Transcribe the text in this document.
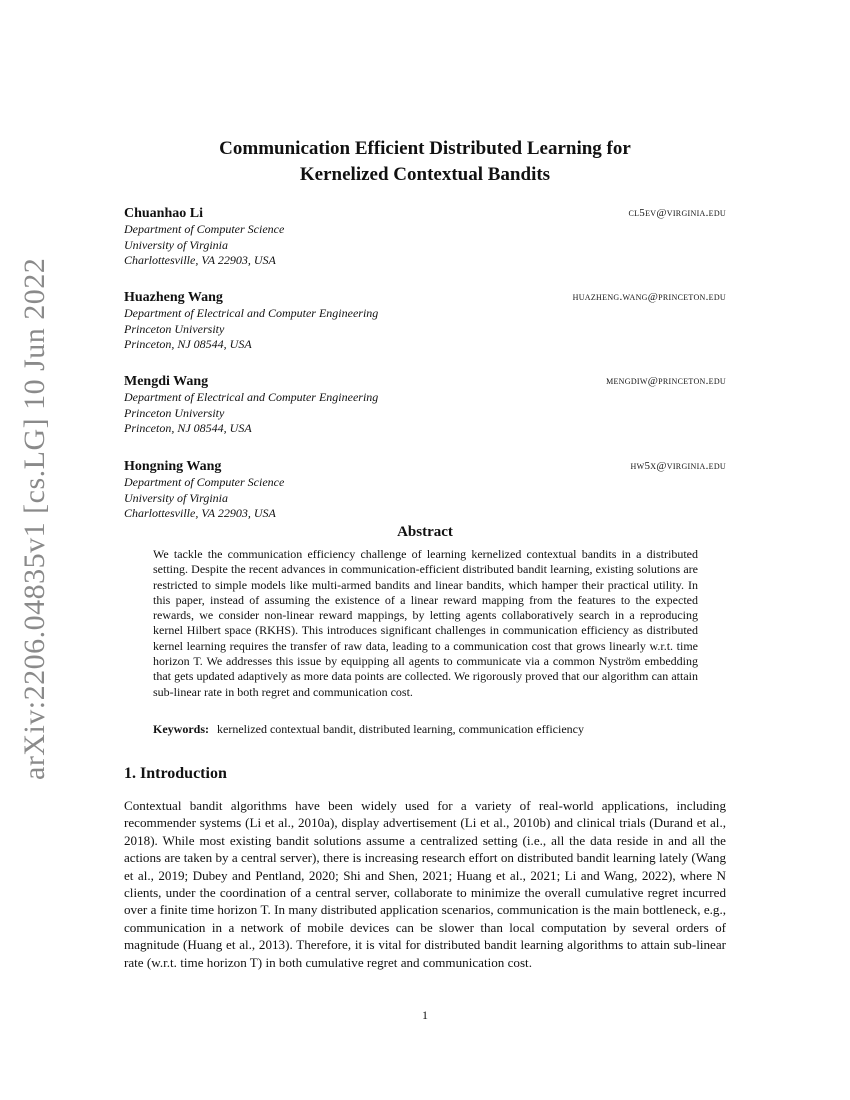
arXiv:2206.04835v1 [cs.LG] 10 Jun 2022
Communication Efficient Distributed Learning for
Kernelized Contextual Bandits
Chuanhao Li	cl5ev@virginia.edu
Department of Computer Science
University of Virginia
Charlottesville, VA 22903, USA
Huazheng Wang	huazheng.wang@princeton.edu
Department of Electrical and Computer Engineering
Princeton University
Princeton, NJ 08544, USA
Mengdi Wang	mengdiw@princeton.edu
Department of Electrical and Computer Engineering
Princeton University
Princeton, NJ 08544, USA
Hongning Wang	hw5x@virginia.edu
Department of Computer Science
University of Virginia
Charlottesville, VA 22903, USA
Abstract
We tackle the communication efficiency challenge of learning kernelized contextual bandits in a distributed setting. Despite the recent advances in communication-efficient distributed bandit learning, existing solutions are restricted to simple models like multi-armed bandits and linear bandits, which hamper their practical utility. In this paper, instead of assuming the existence of a linear reward mapping from the features to the expected rewards, we consider non-linear reward mappings, by letting agents collaboratively search in a reproducing kernel Hilbert space (RKHS). This introduces significant challenges in communication efficiency as distributed kernel learning requires the transfer of raw data, leading to a communication cost that grows linearly w.r.t. time horizon T. We addresses this issue by equipping all agents to communicate via a common Nyström embedding that gets updated adaptively as more data points are collected. We rigorously proved that our algorithm can attain sub-linear rate in both regret and communication cost.
Keywords: kernelized contextual bandit, distributed learning, communication efficiency
1. Introduction
Contextual bandit algorithms have been widely used for a variety of real-world applications, including recommender systems (Li et al., 2010a), display advertisement (Li et al., 2010b) and clinical trials (Durand et al., 2018). While most existing bandit solutions assume a centralized setting (i.e., all the data reside in and all the actions are taken by a central server), there is increasing research effort on distributed bandit learning lately (Wang et al., 2019; Dubey and Pentland, 2020; Shi and Shen, 2021; Huang et al., 2021; Li and Wang, 2022), where N clients, under the coordination of a central server, collaborate to minimize the overall cumulative regret incurred over a finite time horizon T. In many distributed application scenarios, communication is the main bottleneck, e.g., communication in a network of mobile devices can be slower than local computation by several orders of magnitude (Huang et al., 2013). Therefore, it is vital for distributed bandit learning algorithms to attain sub-linear rate (w.r.t. time horizon T) in both cumulative regret and communication cost.
1
